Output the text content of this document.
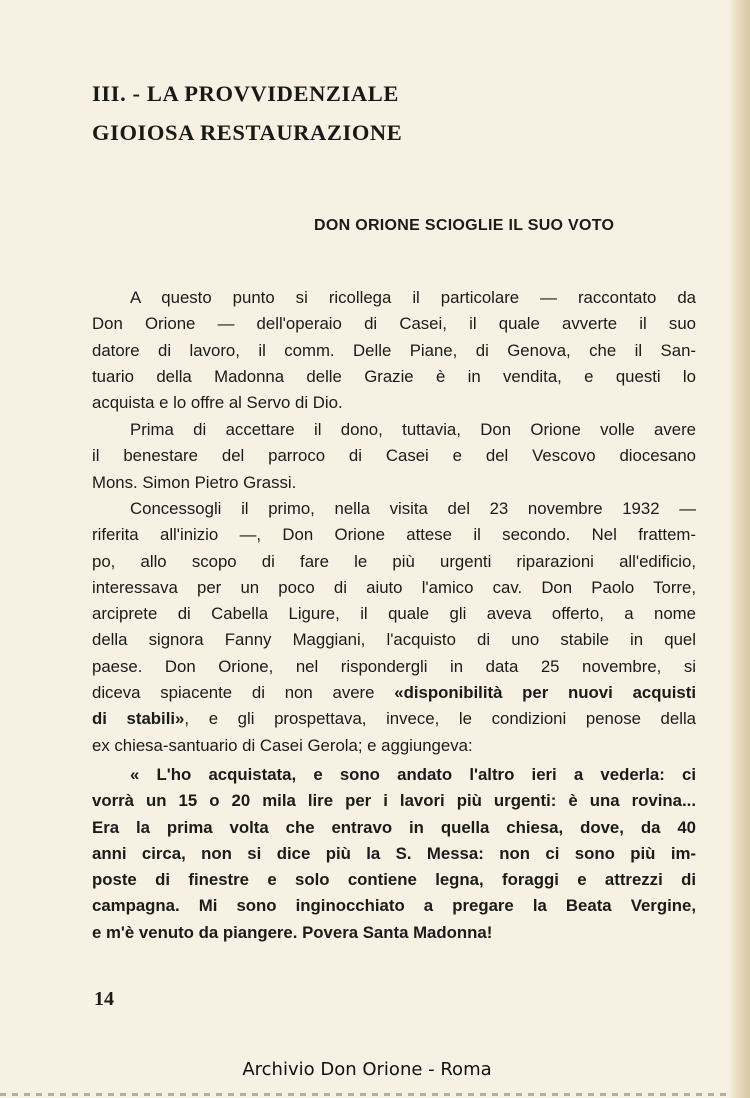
III. - LA PROVVIDENZIALE
GIOIOSA RESTAURAZIONE
DON ORIONE SCIOGLIE IL SUO VOTO
A questo punto si ricollega il particolare — raccontato da
Don Orione — dell'operaio di Casei, il quale avverte il suo
datore di lavoro, il comm. Delle Piane, di Genova, che il San-
tuario della Madonna delle Grazie è in vendita, e questi lo
acquista e lo offre al Servo di Dio.
Prima di accettare il dono, tuttavia, Don Orione volle avere
il benestare del parroco di Casei e del Vescovo diocesano
Mons. Simon Pietro Grassi.
Concessogli il primo, nella visita del 23 novembre 1932 —
riferita all'inizio —, Don Orione attese il secondo. Nel frattem-
po, allo scopo di fare le più urgenti riparazioni all'edificio,
interessava per un poco di aiuto l'amico cav. Don Paolo Torre,
arciprete di Cabella Ligure, il quale gli aveva offerto, a nome
della signora Fanny Maggiani, l'acquisto di uno stabile in quel
paese. Don Orione, nel rispondergli in data 25 novembre, si
diceva spiacente di non avere «disponibilità per nuovi acquisti
di stabili», e gli prospettava, invece, le condizioni penose della
ex chiesa-santuario di Casei Gerola; e aggiungeva:
« L'ho acquistata, e sono andato l'altro ieri a vederla: ci
vorrà un 15 o 20 mila lire per i lavori più urgenti: è una rovina...
Era la prima volta che entravo in quella chiesa, dove, da 40
anni circa, non si dice più la S. Messa: non ci sono più im-
poste di finestre e solo contiene legna, foraggi e attrezzi di
campagna. Mi sono inginocchiato a pregare la Beata Vergine,
e m'è venuto da piangere. Povera Santa Madonna!

14

Archivio Don Orione - Roma
